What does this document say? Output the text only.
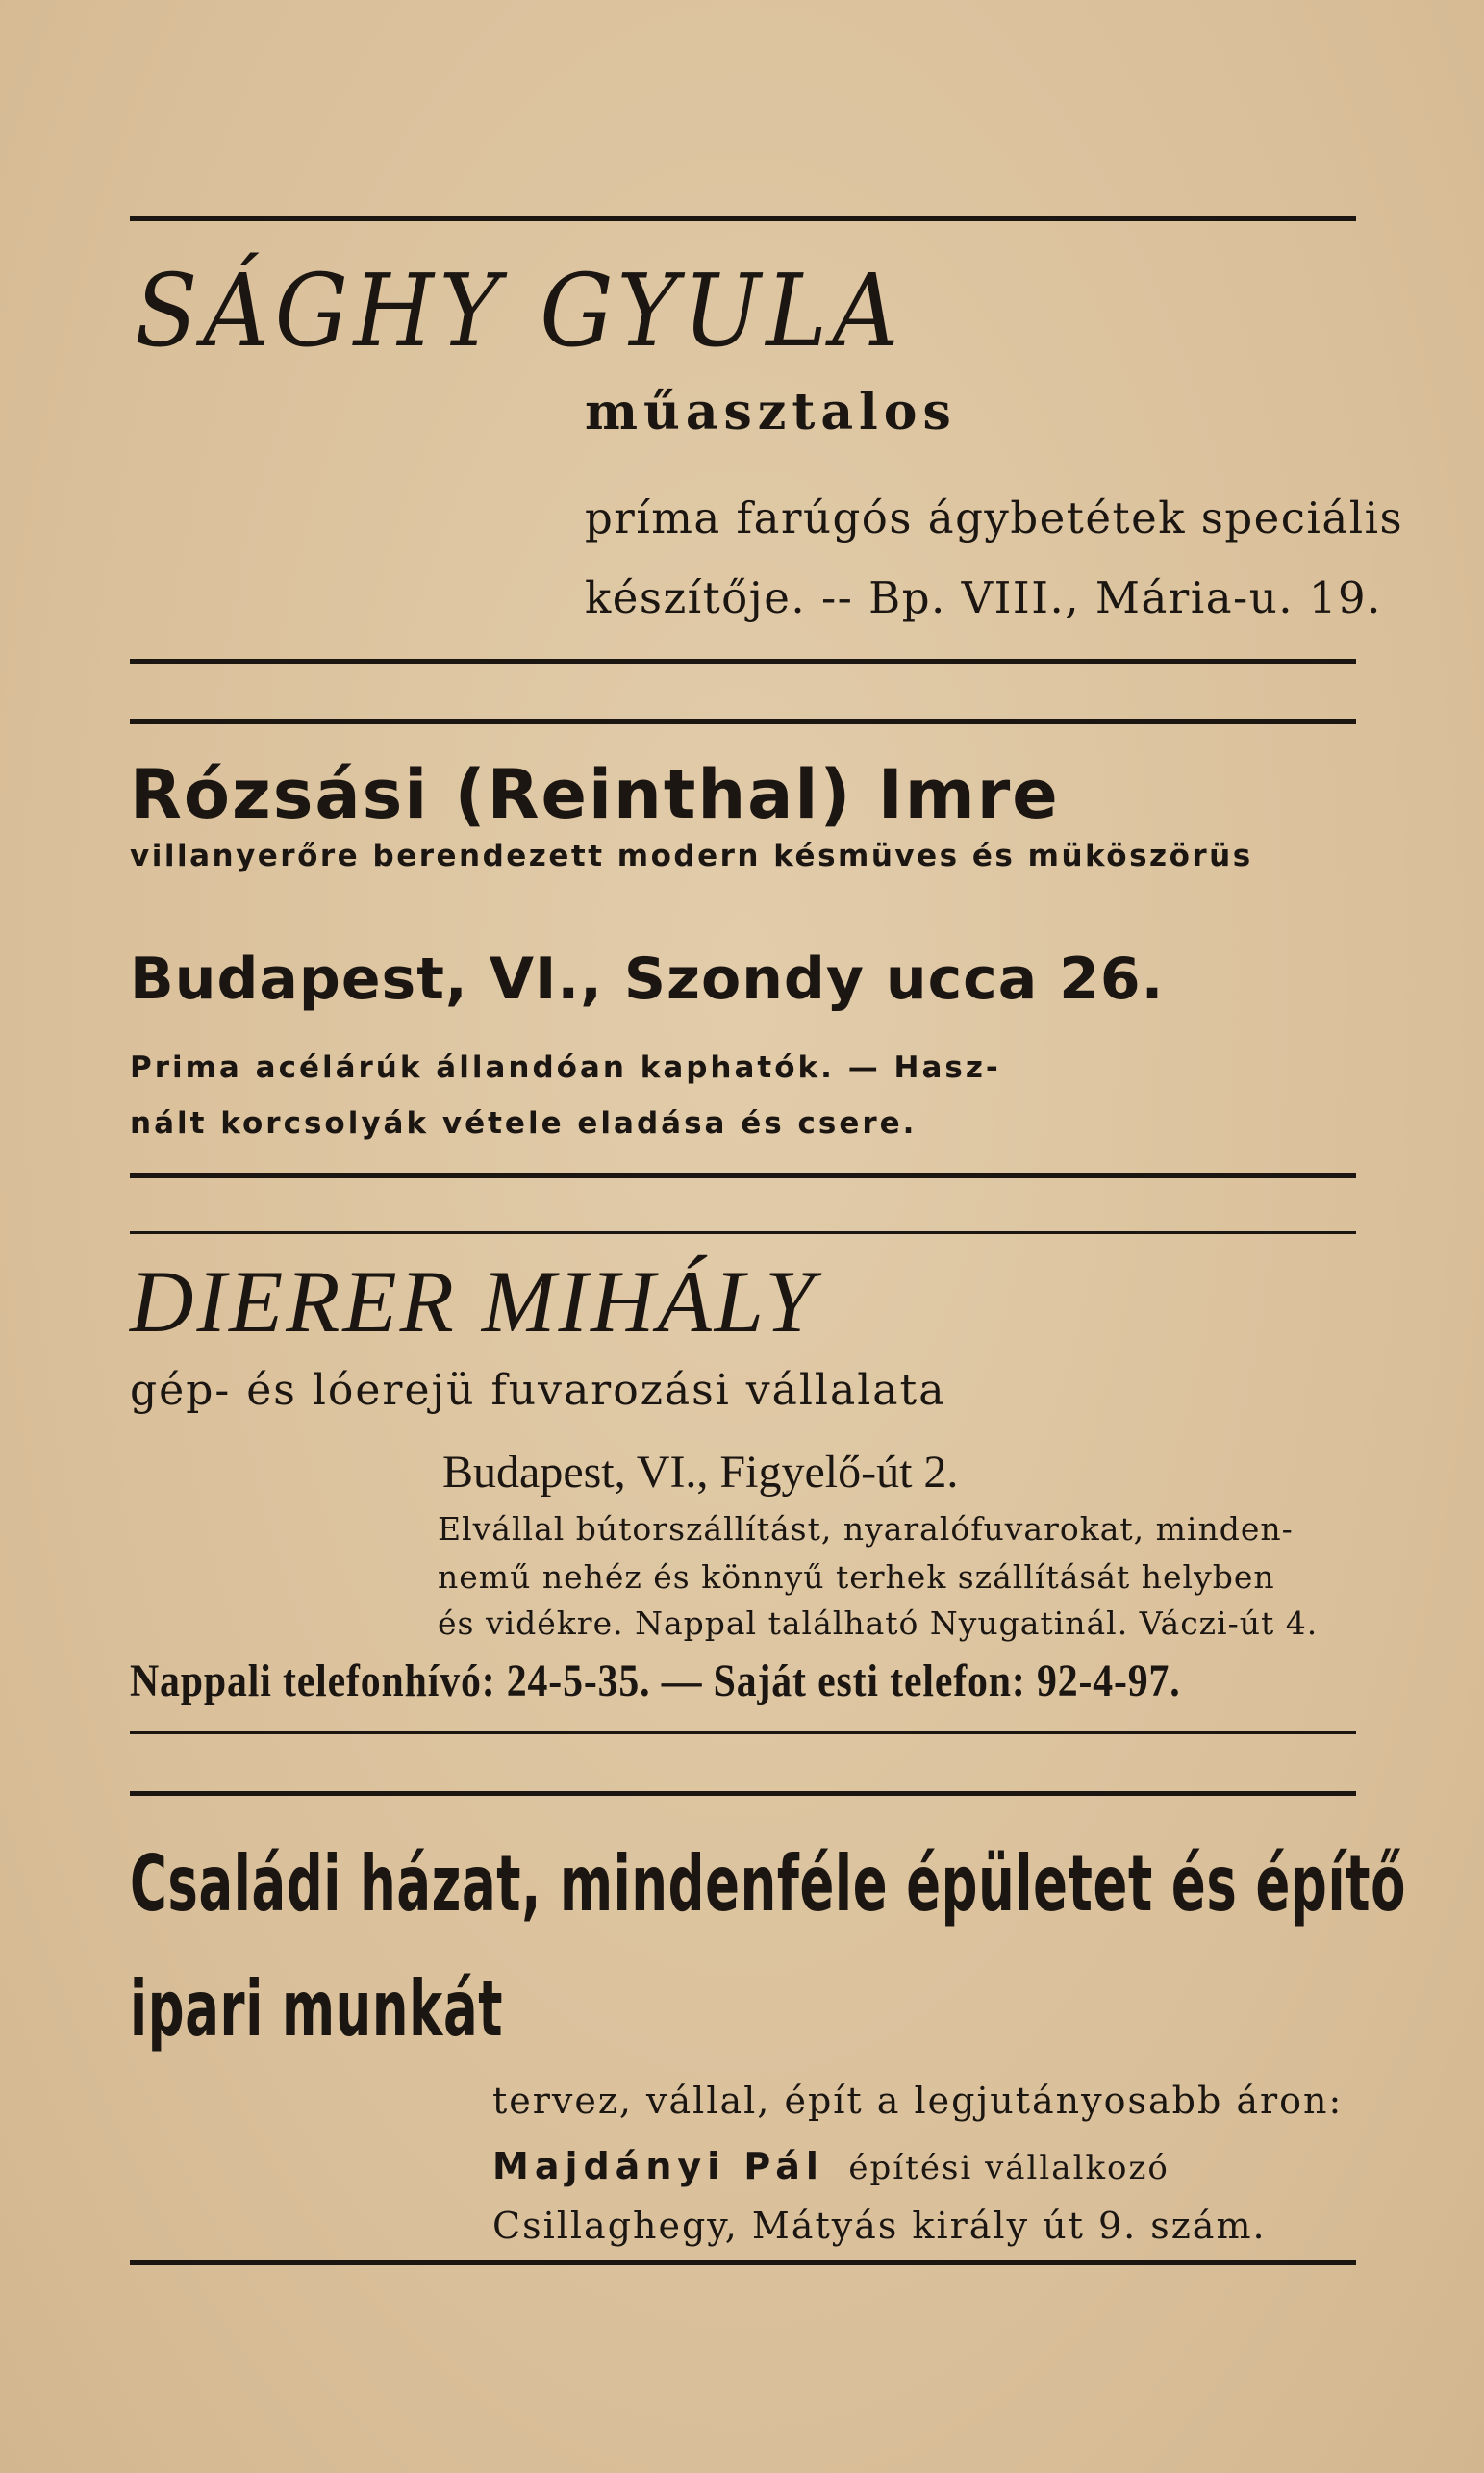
SÁGHY GYULA
műasztalos
príma farúgós ágybetétek speciális
készítője. -- Bp. VIII., Mária-u. 19.
Rózsási (Reinthal) Imre
villanyerőre berendezett modern késmüves és müköszörüs
Budapest, VI., Szondy ucca 26.
Prima acélárúk állandóan kaphatók. — Hasz-
nált korcsolyák vétele eladása és csere.
DIERER MIHÁLY
gép- és lóerejü fuvarozási vállalata
Budapest, VI., Figyelő-út 2.
Elvállal bútorszállítást, nyaralófuvarokat, minden-
nemű nehéz és könnyű terhek szállítását helyben
és vidékre. Nappal található Nyugatinál. Váczi-út 4.
Nappali telefonhívó: 24-5-35. — Saját esti telefon: 92-4-97.
Családi házat, mindenféle épületet és építő
ipari munkát
tervez, vállal, épít a legjutányosabb áron:
Majdányi Pál építési vállalkozó
Csillaghegy, Mátyás király út 9. szám.
